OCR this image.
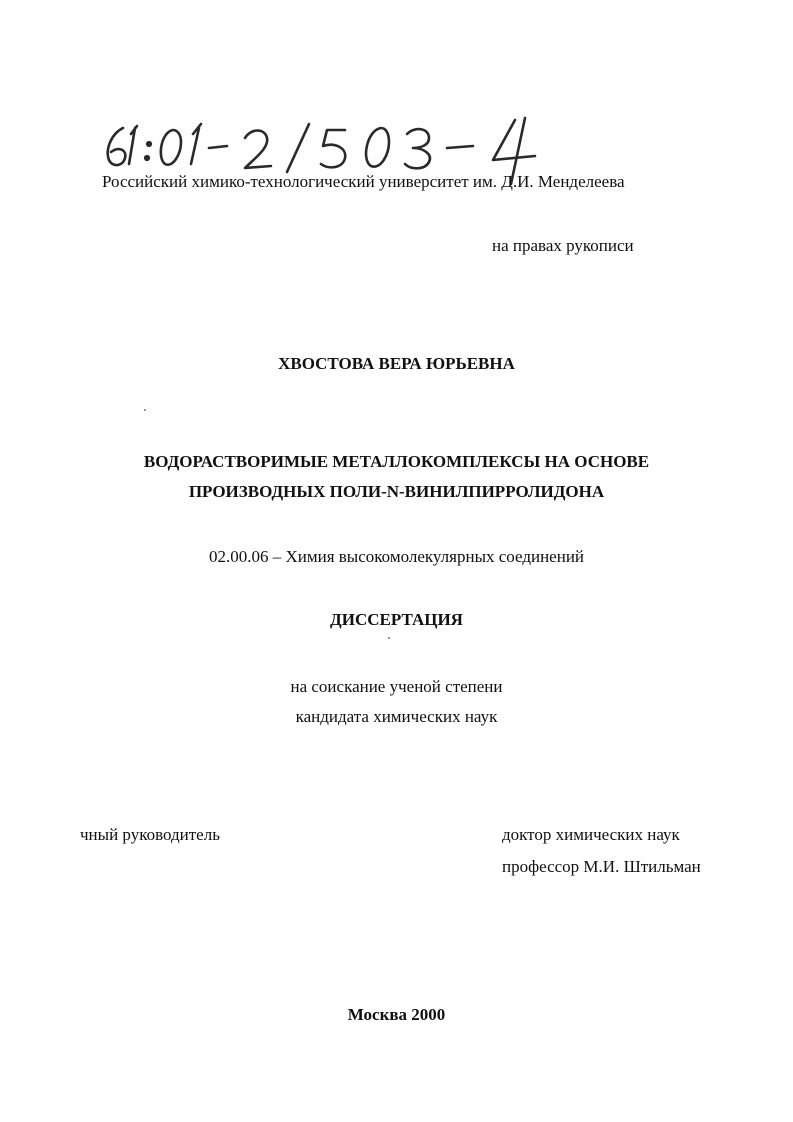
Российский химико-технологический университет им. Д.И. Менделеева
на правах рукописи
ХВОСТОВА ВЕРА ЮРЬЕВНА
ВОДОРАСТВОРИМЫЕ МЕТАЛЛОКОМПЛЕКСЫ НА ОСНОВЕ
ПРОИЗВОДНЫХ ПОЛИ-N-ВИНИЛПИРРОЛИДОНА
02.00.06 – Химия высокомолекулярных соединений
ДИССЕРТАЦИЯ
на соискание ученой степени
кандидата химических наук
чный руководитель	доктор химических наук
профессор М.И. Штильман
Москва 2000
